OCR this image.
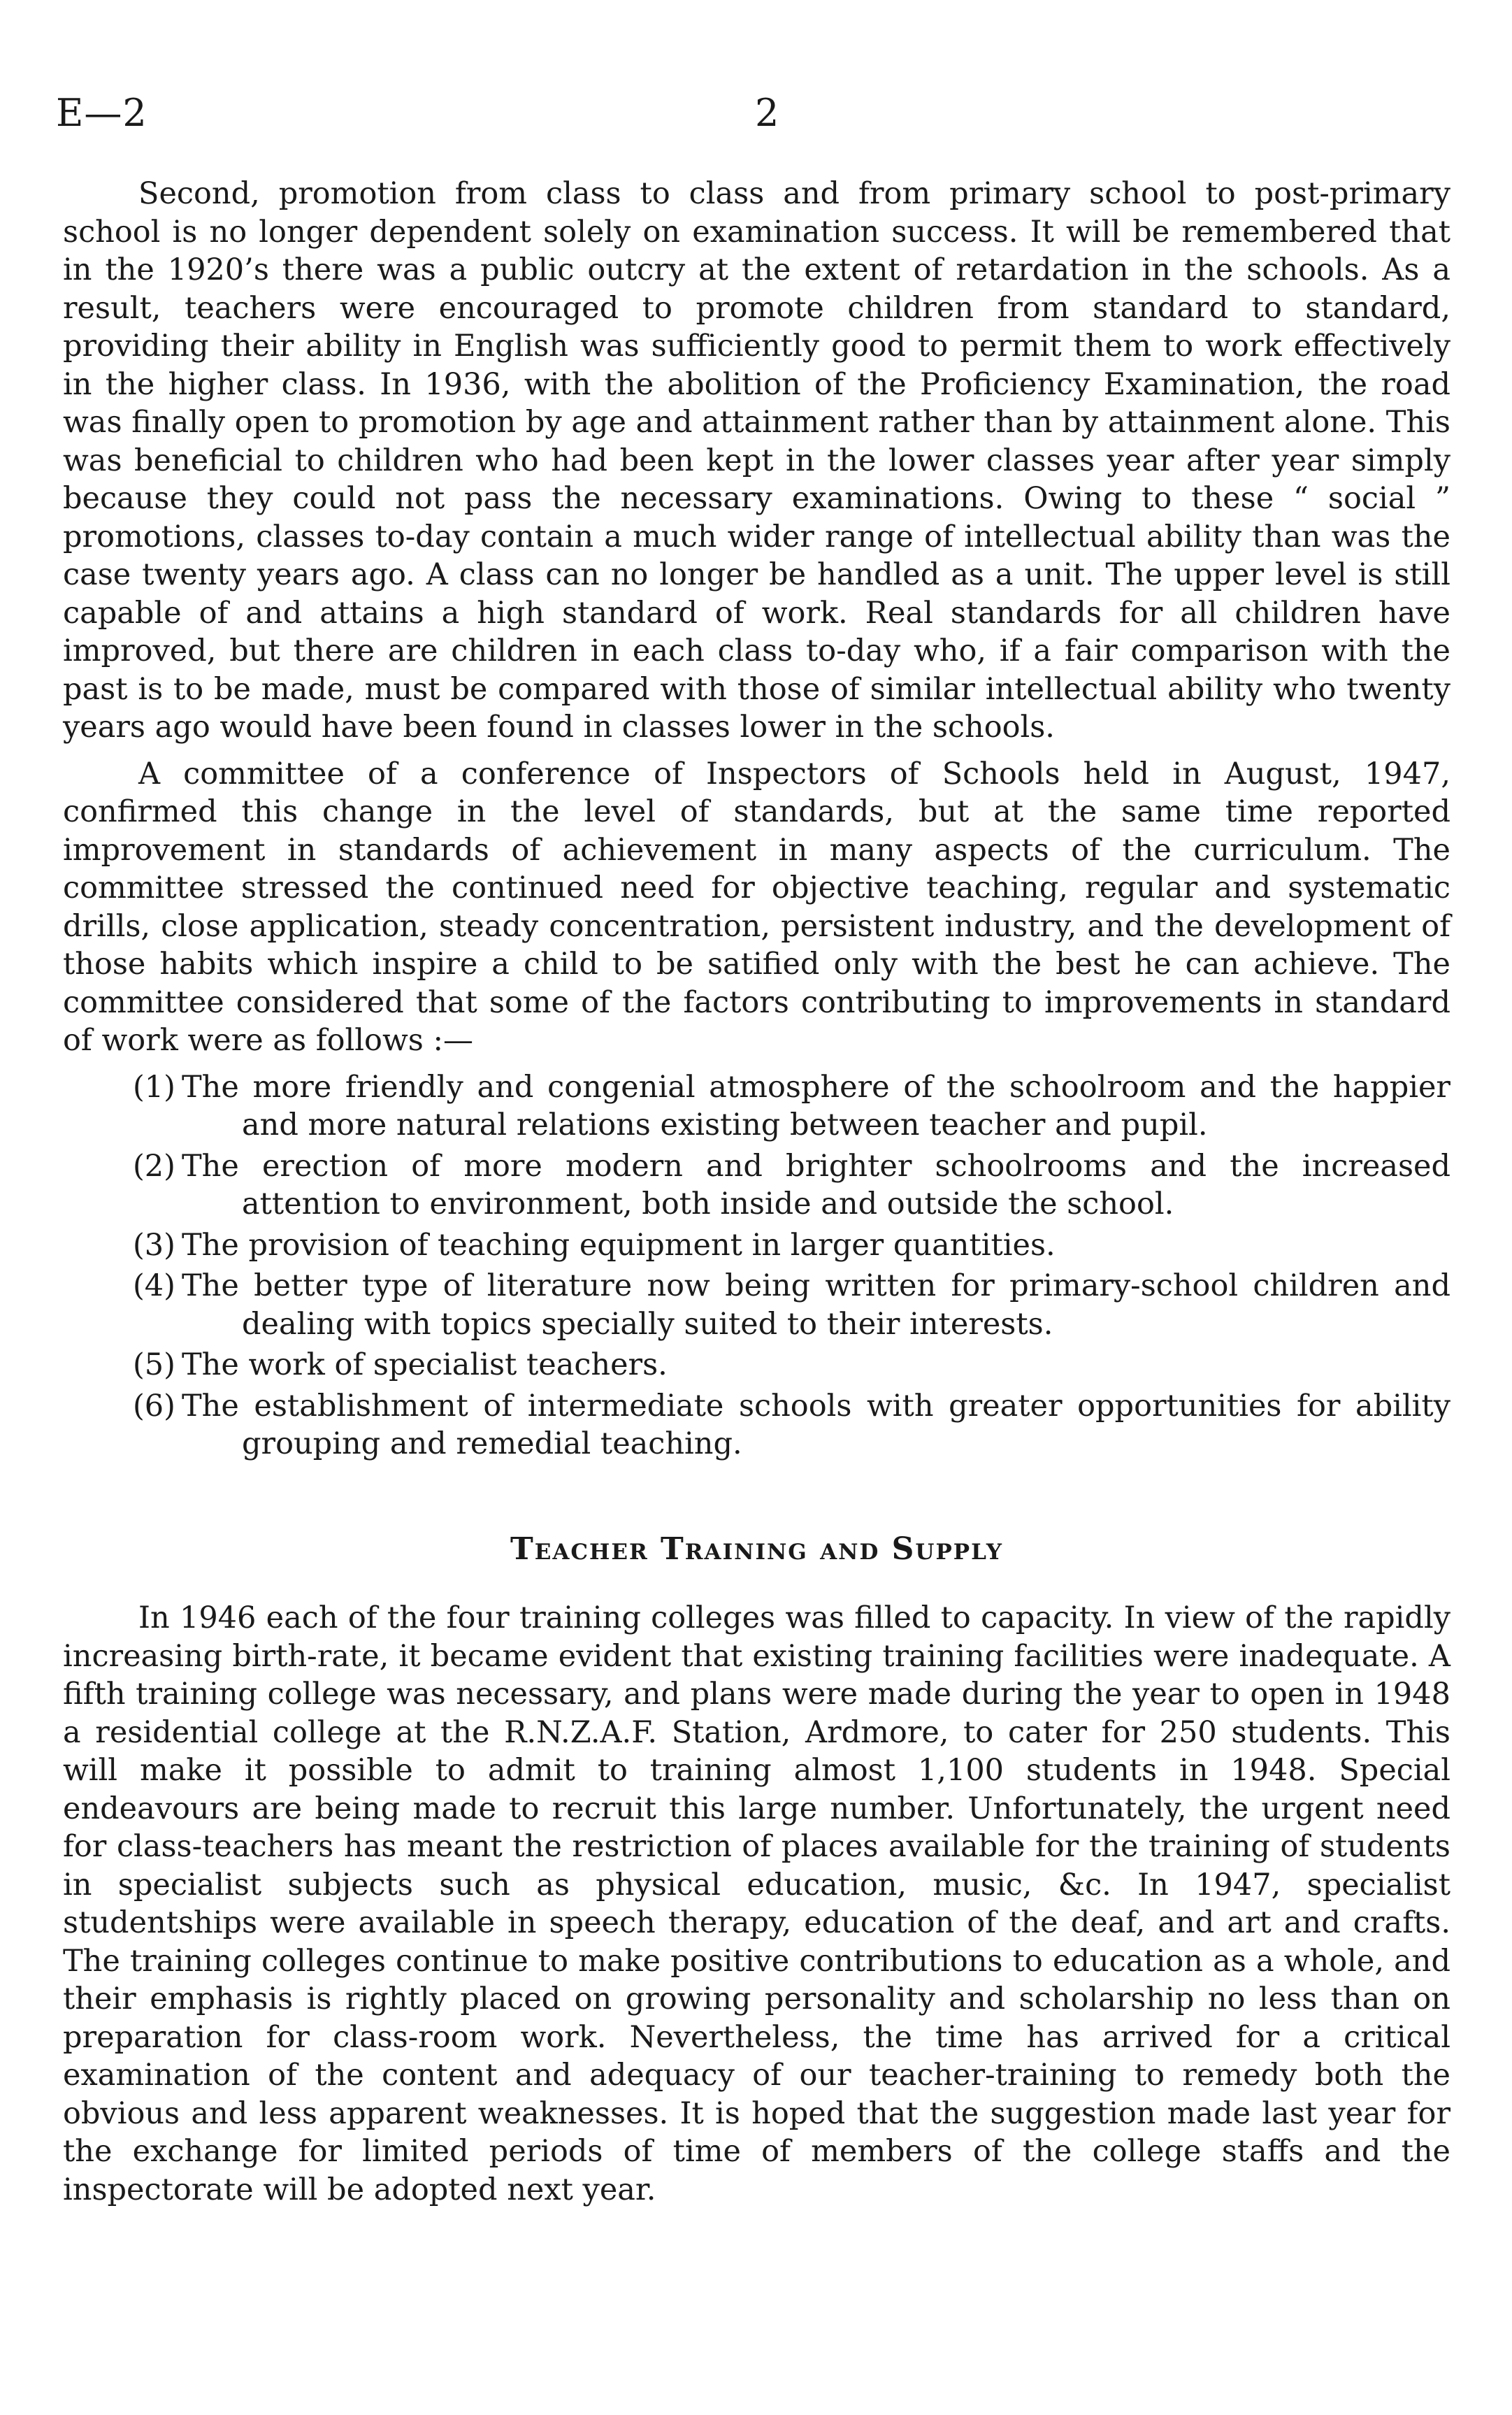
E—2	2

Second, promotion from class to class and from primary school to post-primary school is no longer dependent solely on examination success. It will be remembered that in the 1920’s there was a public outcry at the extent of retardation in the schools. As a result, teachers were encouraged to promote children from standard to standard, providing their ability in English was sufficiently good to permit them to work effectively in the higher class. In 1936, with the abolition of the Proficiency Examination, the road was finally open to promotion by age and attainment rather than by attainment alone. This was beneficial to children who had been kept in the lower classes year after year simply because they could not pass the necessary examinations. Owing to these “ social ” promotions, classes to-day contain a much wider range of intellectual ability than was the case twenty years ago. A class can no longer be handled as a unit. The upper level is still capable of and attains a high standard of work. Real standards for all children have improved, but there are children in each class to-day who, if a fair comparison with the past is to be made, must be compared with those of similar intellectual ability who twenty years ago would have been found in classes lower in the schools.

A committee of a conference of Inspectors of Schools held in August, 1947, confirmed this change in the level of standards, but at the same time reported improvement in standards of achievement in many aspects of the curriculum. The committee stressed the continued need for objective teaching, regular and systematic drills, close application, steady concentration, persistent industry, and the development of those habits which inspire a child to be satified only with the best he can achieve. The committee considered that some of the factors contributing to improvements in standard of work were as follows :—

(1) The more friendly and congenial atmosphere of the schoolroom and the happier and more natural relations existing between teacher and pupil.
(2) The erection of more modern and brighter schoolrooms and the increased attention to environment, both inside and outside the school.
(3) The provision of teaching equipment in larger quantities.
(4) The better type of literature now being written for primary-school children and dealing with topics specially suited to their interests.
(5) The work of specialist teachers.
(6) The establishment of intermediate schools with greater opportunities for ability grouping and remedial teaching.
Teacher Training and Supply

In 1946 each of the four training colleges was filled to capacity. In view of the rapidly increasing birth-rate, it became evident that existing training facilities were inadequate. A fifth training college was necessary, and plans were made during the year to open in 1948 a residential college at the R.N.Z.A.F. Station, Ardmore, to cater for 250 students. This will make it possible to admit to training almost 1,100 students in 1948. Special endeavours are being made to recruit this large number. Unfortunately, the urgent need for class-teachers has meant the restriction of places available for the training of students in specialist subjects such as physical education, music, &c. In 1947, specialist studentships were available in speech therapy, education of the deaf, and art and crafts. The training colleges continue to make positive contributions to education as a whole, and their emphasis is rightly placed on growing personality and scholarship no less than on preparation for class-room work. Nevertheless, the time has arrived for a critical examination of the content and adequacy of our teacher-training to remedy both the obvious and less apparent weaknesses. It is hoped that the suggestion made last year for the exchange for limited periods of time of members of the college staffs and the inspectorate will be adopted next year.
